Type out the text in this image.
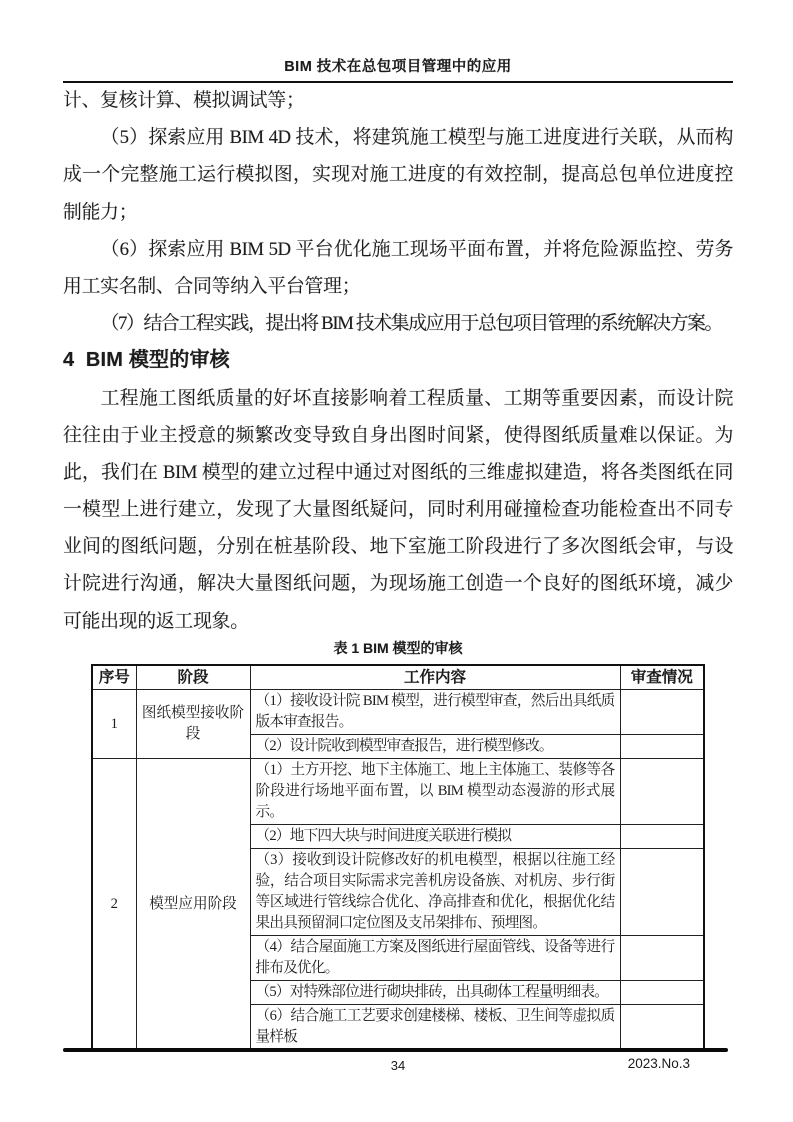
BIM 技术在总包项目管理中的应用
计、复核计算、模拟调试等；
（5）探索应用 BIM 4D 技术，将建筑施工模型与施工进度进行关联，从而构
成一个完整施工运行模拟图，实现对施工进度的有效控制，提高总包单位进度控
制能力；
（6）探索应用 BIM 5D 平台优化施工现场平面布置，并将危险源监控、劳务
用工实名制、合同等纳入平台管理；
（7）结合工程实践，提出将 BIM 技术集成应用于总包项目管理的系统解决方案。
4  BIM 模型的审核
工程施工图纸质量的好坏直接影响着工程质量、工期等重要因素，而设计院
往往由于业主授意的频繁改变导致自身出图时间紧，使得图纸质量难以保证。为
此，我们在 BIM 模型的建立过程中通过对图纸的三维虚拟建造，将各类图纸在同
一模型上进行建立，发现了大量图纸疑问，同时利用碰撞检查功能检查出不同专
业间的图纸问题，分别在桩基阶段、地下室施工阶段进行了多次图纸会审，与设
计院进行沟通，解决大量图纸问题，为现场施工创造一个良好的图纸环境，减少
可能出现的返工现象。
表 1 BIM 模型的审核
序号	阶段	工作内容	审查情况
1	图纸模型接收阶段	（1）接收设计院 BIM 模型，进行模型审查，然后出具纸质版本审查报告。	
		（2）设计院收到模型审查报告，进行模型修改。	
2	模型应用阶段	（1）土方开挖、地下主体施工、地上主体施工、装修等各阶段进行场地平面布置，以 BIM 模型动态漫游的形式展示。	
		（2）地下四大块与时间进度关联进行模拟	
		（3）接收到设计院修改好的机电模型，根据以往施工经验，结合项目实际需求完善机房设备族、对机房、步行街等区域进行管线综合优化、净高排查和优化，根据优化结果出具预留洞口定位图及支吊架排布、预埋图。	
		（4）结合屋面施工方案及图纸进行屋面管线、设备等进行排布及优化。	
		（5）对特殊部位进行砌块排砖，出具砌体工程量明细表。	
		（6）结合施工工艺要求创建楼梯、楼板、卫生间等虚拟质量样板	
34	2023.No.3
